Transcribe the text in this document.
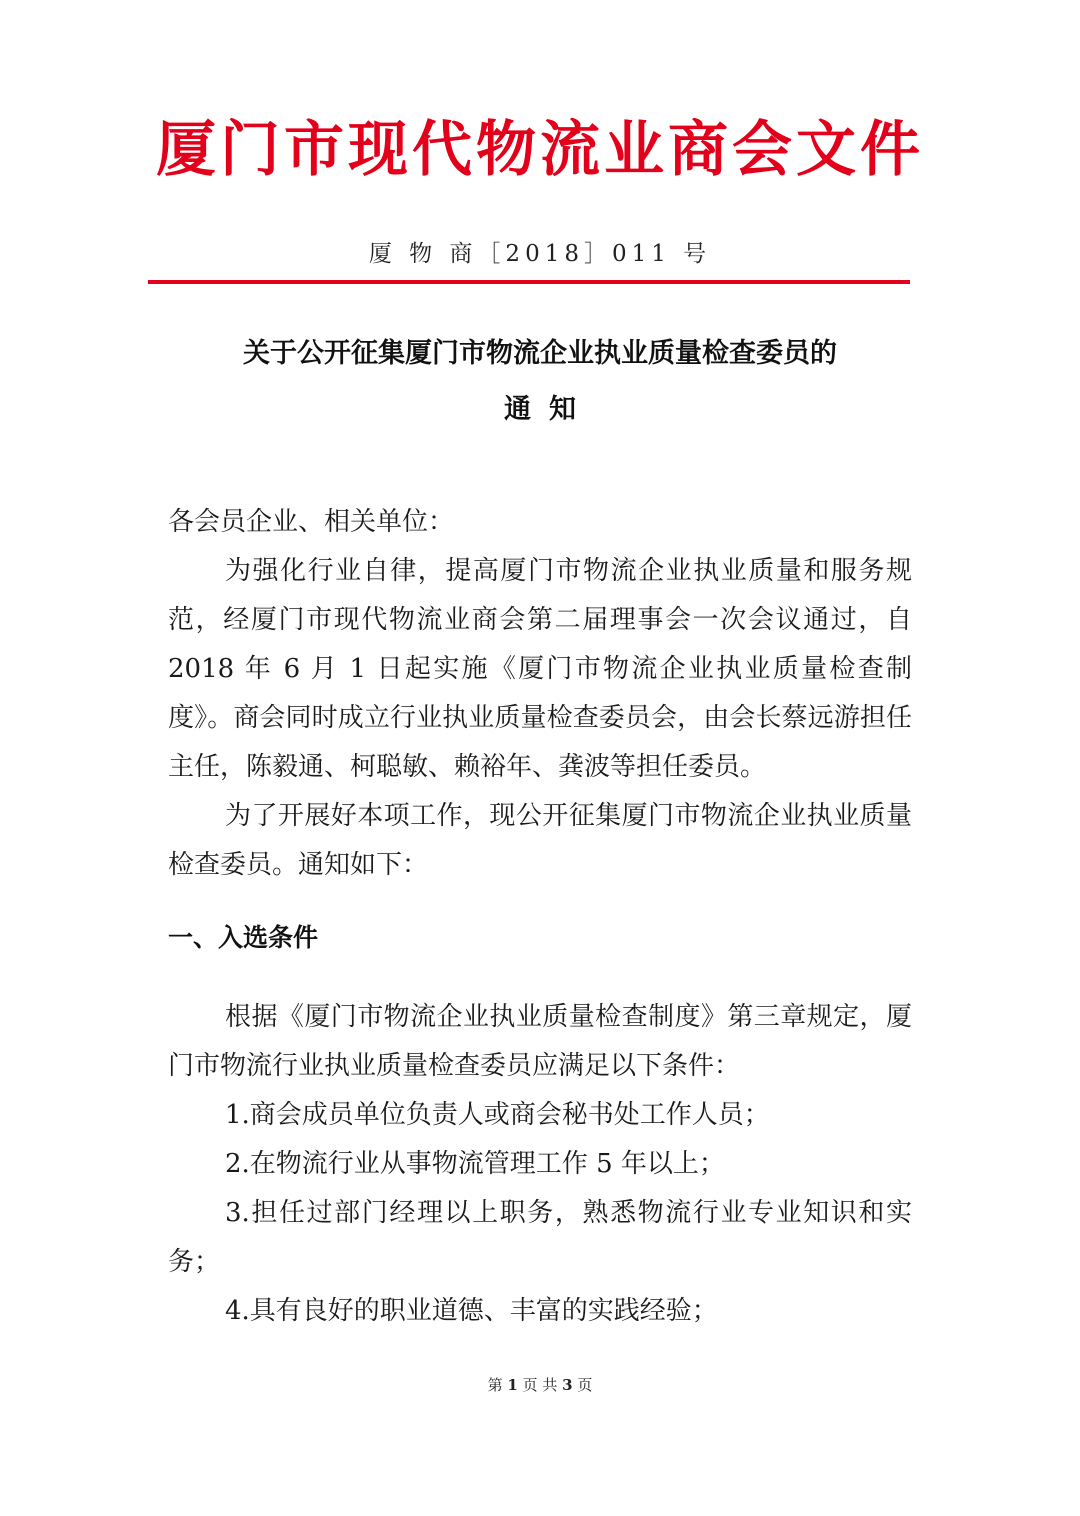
厦门市现代物流业商会文件
厦 物 商［2018］011 号
关于公开征集厦门市物流企业执业质量检查委员的
通知

各会员企业、相关单位：

为强化行业自律，提高厦门市物流企业执业质量和服务规范，经厦门市现代物流业商会第二届理事会一次会议通过，自 2018 年 6 月 1 日起实施《厦门市物流企业执业质量检查制度》。商会同时成立行业执业质量检查委员会，由会长蔡远游担任主任，陈毅通、柯聪敏、赖裕年、龚波等担任委员。

为了开展好本项工作，现公开征集厦门市物流企业执业质量检查委员。通知如下：

一、入选条件

根据《厦门市物流企业执业质量检查制度》第三章规定，厦门市物流行业执业质量检查委员应满足以下条件：

1.商会成员单位负责人或商会秘书处工作人员；

2.在物流行业从事物流管理工作 5 年以上；

3.担任过部门经理以上职务，熟悉物流行业专业知识和实务；

4.具有良好的职业道德、丰富的实践经验；

第 1 页 共 3 页
